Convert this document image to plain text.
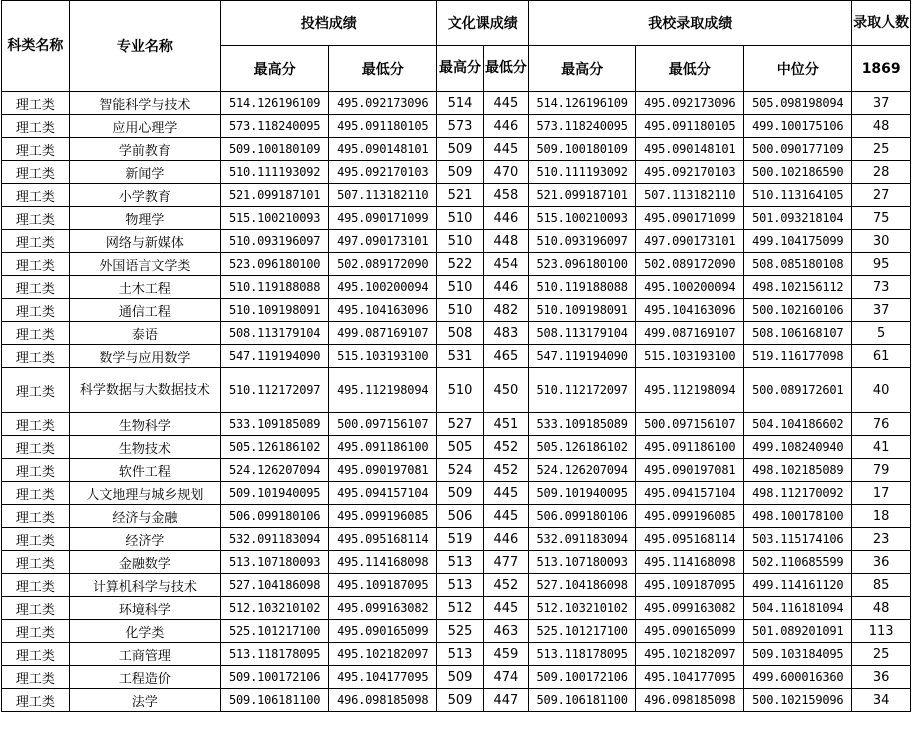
科类名称	专业名称	投档成绩		文化课成绩		我校录取成绩			录取人数
		最高分	最低分	最高分	最低分	最高分	最低分	中位分	1869
理工类	智能科学与技术	514.126196109	495.092173096	514	445	514.126196109	495.092173096	505.098198094	37
理工类	应用心理学	573.118240095	495.091180105	573	446	573.118240095	495.091180105	499.100175106	48
理工类	学前教育	509.100180109	495.090148101	509	445	509.100180109	495.090148101	500.090177109	25
理工类	新闻学	510.111193092	495.092170103	509	470	510.111193092	495.092170103	500.102186590	28
理工类	小学教育	521.099187101	507.113182110	521	458	521.099187101	507.113182110	510.113164105	27
理工类	物理学	515.100210093	495.090171099	510	446	515.100210093	495.090171099	501.093218104	75
理工类	网络与新媒体	510.093196097	497.090173101	510	448	510.093196097	497.090173101	499.104175099	30
理工类	外国语言文学类	523.096180100	502.089172090	522	454	523.096180100	502.089172090	508.085180108	95
理工类	土木工程	510.119188088	495.100200094	510	446	510.119188088	495.100200094	498.102156112	73
理工类	通信工程	510.109198091	495.104163096	510	482	510.109198091	495.104163096	500.102160106	37
理工类	泰语	508.113179104	499.087169107	508	483	508.113179104	499.087169107	508.106168107	5
理工类	数学与应用数学	547.119194090	515.103193100	531	465	547.119194090	515.103193100	519.116177098	61
理工类	科学数据与大数据技术	510.112172097	495.112198094	510	450	510.112172097	495.112198094	500.089172601	40
理工类	生物科学	533.109185089	500.097156107	527	451	533.109185089	500.097156107	504.104186602	76
理工类	生物技术	505.126186102	495.091186100	505	452	505.126186102	495.091186100	499.108240940	41
理工类	软件工程	524.126207094	495.090197081	524	452	524.126207094	495.090197081	498.102185089	79
理工类	人文地理与城乡规划	509.101940095	495.094157104	509	445	509.101940095	495.094157104	498.112170092	17
理工类	经济与金融	506.099180106	495.099196085	506	445	506.099180106	495.099196085	498.100178100	18
理工类	经济学	532.091183094	495.095168114	519	446	532.091183094	495.095168114	503.115174106	23
理工类	金融数学	513.107180093	495.114168098	513	477	513.107180093	495.114168098	502.110685599	36
理工类	计算机科学与技术	527.104186098	495.109187095	513	452	527.104186098	495.109187095	499.114161120	85
理工类	环境科学	512.103210102	495.099163082	512	445	512.103210102	495.099163082	504.116181094	48
理工类	化学类	525.101217100	495.090165099	525	463	525.101217100	495.090165099	501.089201091	113
理工类	工商管理	513.118178095	495.102182097	513	459	513.118178095	495.102182097	509.103184095	25
理工类	工程造价	509.100172106	495.104177095	509	474	509.100172106	495.104177095	499.600016360	36
理工类	法学	509.106181100	496.098185098	509	447	509.106181100	496.098185098	500.102159096	34
